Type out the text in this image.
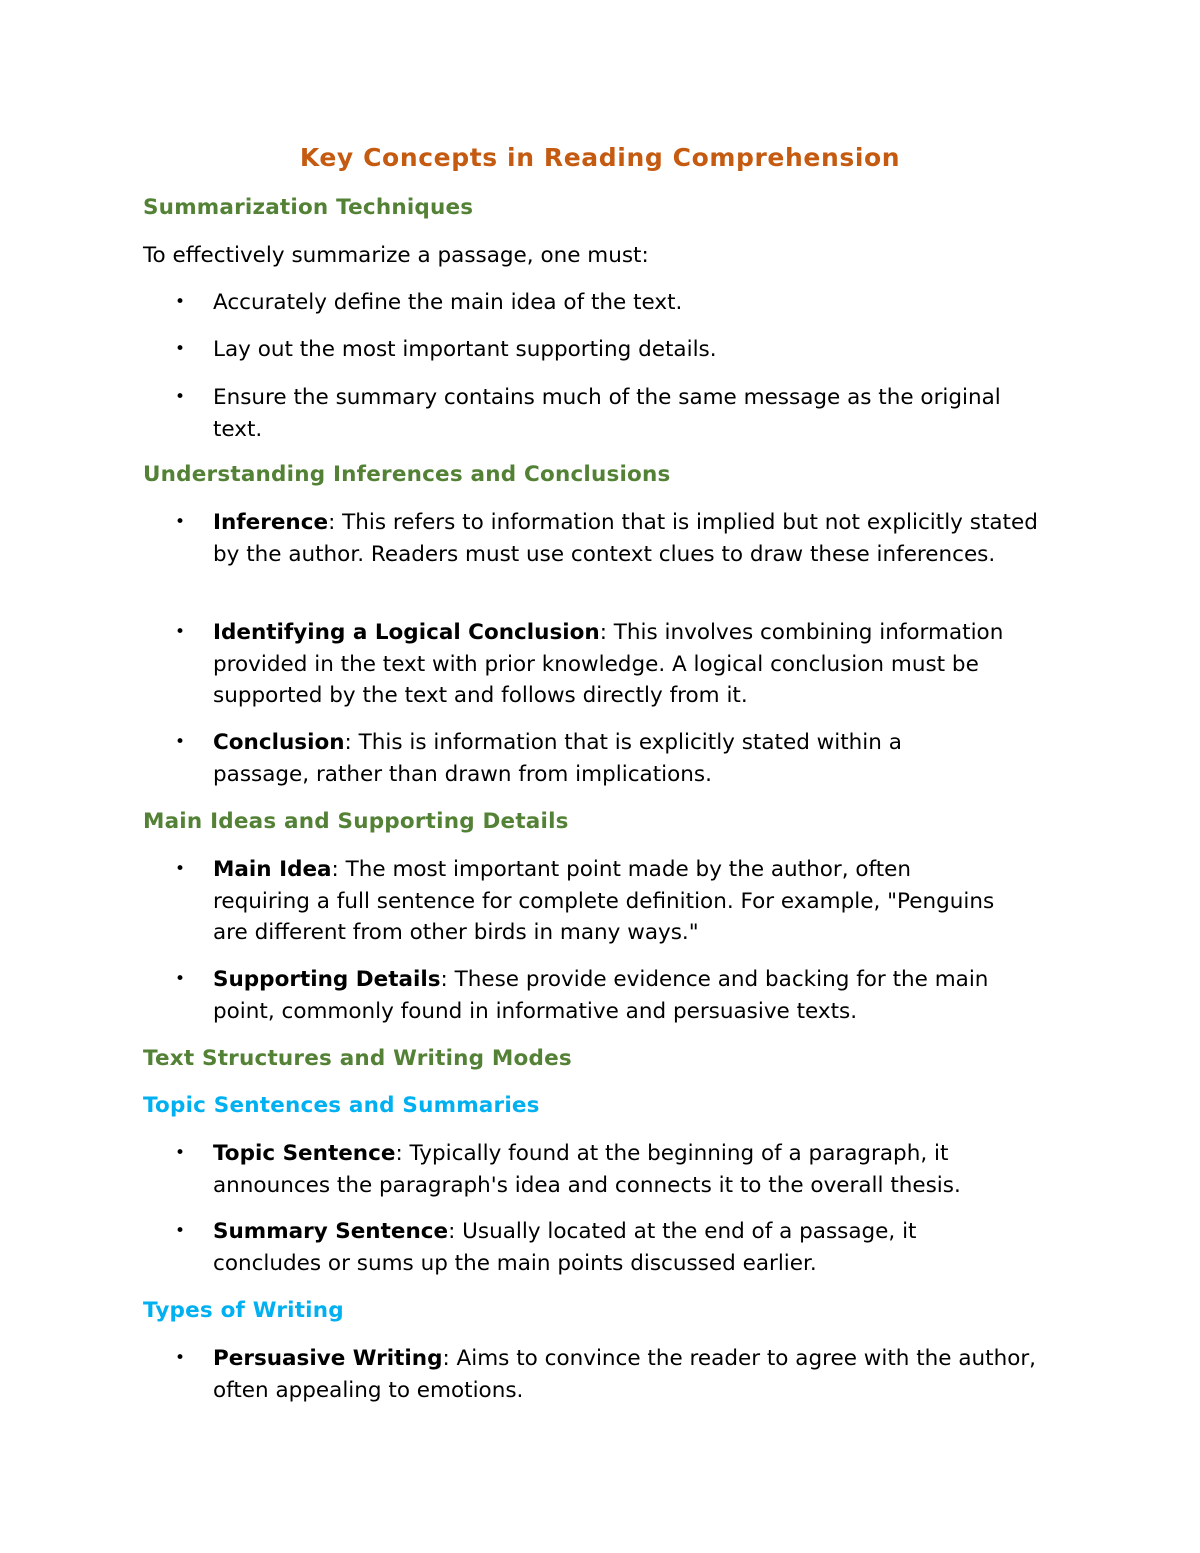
Key Concepts in Reading Comprehension
Summarization Techniques
To effectively summarize a passage, one must:
• Accurately define the main idea of the text.
• Lay out the most important supporting details.
• Ensure the summary contains much of the same message as the original text.
Understanding Inferences and Conclusions
• Inference: This refers to information that is implied but not explicitly stated by the author. Readers must use context clues to draw these inferences.
• Identifying a Logical Conclusion: This involves combining information provided in the text with prior knowledge. A logical conclusion must be supported by the text and follows directly from it.
• Conclusion: This is information that is explicitly stated within a passage, rather than drawn from implications.
Main Ideas and Supporting Details
• Main Idea: The most important point made by the author, often requiring a full sentence for complete definition. For example, "Penguins are different from other birds in many ways."
• Supporting Details: These provide evidence and backing for the main point, commonly found in informative and persuasive texts.
Text Structures and Writing Modes
Topic Sentences and Summaries
• Topic Sentence: Typically found at the beginning of a paragraph, it announces the paragraph's idea and connects it to the overall thesis.
• Summary Sentence: Usually located at the end of a passage, it concludes or sums up the main points discussed earlier.
Types of Writing
• Persuasive Writing: Aims to convince the reader to agree with the author, often appealing to emotions.
